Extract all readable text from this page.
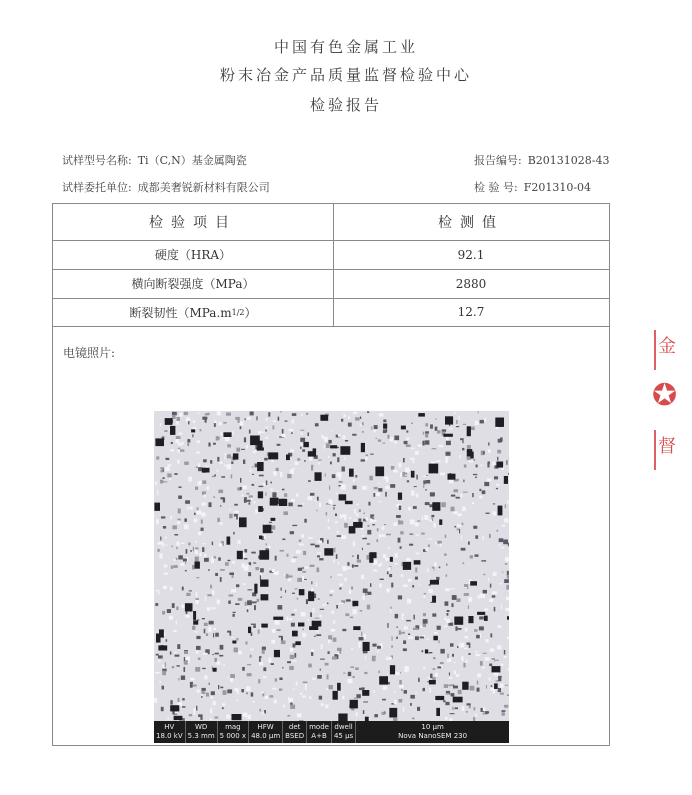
中国有色金属工业
粉末冶金产品质量监督检验中心
检验报告
试样型号名称: Ti（C,N）基金属陶瓷
试样委托单位: 成都美奢锐新材料有限公司
报告编号: B20131028-43
检 验 号: F201310-04
检验项目	检测值
硬度（HRA）	92.1
横向断裂强度（MPa）	2880
断裂韧性（MPa.m 1/2 ）	12.7
电镜照片:
HV
18.0 kV
WD
5.3 mm
mag
5 000 x
HFW
48.0 µm
det
BSED
mode
A+B
dwell
45 µs
10 µm
Nova NanoSEM 230
金
✪
督
